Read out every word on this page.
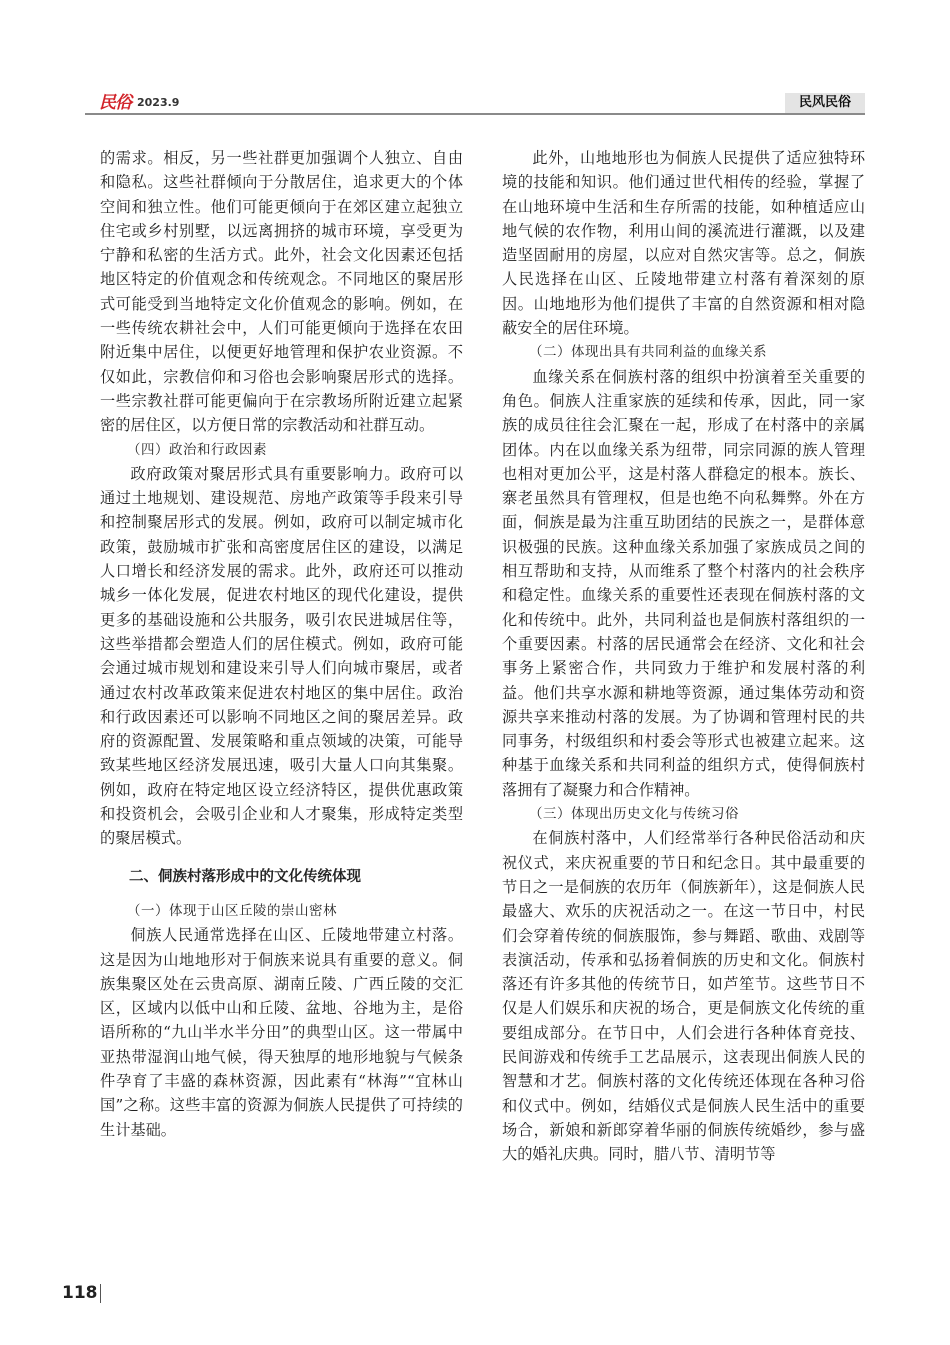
民俗 2023.9	民风民俗

的需求。相反，另一些社群更加强调个人独立、自由和隐私。这些社群倾向于分散居住，追求更大的个体空间和独立性。他们可能更倾向于在郊区建立起独立住宅或乡村别墅，以远离拥挤的城市环境，享受更为宁静和私密的生活方式。此外，社会文化因素还包括地区特定的价值观念和传统观念。不同地区的聚居形式可能受到当地特定文化价值观念的影响。例如，在一些传统农耕社会中，人们可能更倾向于选择在农田附近集中居住，以便更好地管理和保护农业资源。不仅如此，宗教信仰和习俗也会影响聚居形式的选择。一些宗教社群可能更偏向于在宗教场所附近建立起紧密的居住区，以方便日常的宗教活动和社群互动。

（四）政治和行政因素

政府政策对聚居形式具有重要影响力。政府可以通过土地规划、建设规范、房地产政策等手段来引导和控制聚居形式的发展。例如，政府可以制定城市化政策，鼓励城市扩张和高密度居住区的建设，以满足人口增长和经济发展的需求。此外，政府还可以推动城乡一体化发展，促进农村地区的现代化建设，提供更多的基础设施和公共服务，吸引农民进城居住等，这些举措都会塑造人们的居住模式。例如，政府可能会通过城市规划和建设来引导人们向城市聚居，或者通过农村改革政策来促进农村地区的集中居住。政治和行政因素还可以影响不同地区之间的聚居差异。政府的资源配置、发展策略和重点领域的决策，可能导致某些地区经济发展迅速，吸引大量人口向其集聚。例如，政府在特定地区设立经济特区，提供优惠政策和投资机会，会吸引企业和人才聚集，形成特定类型的聚居模式。

二、侗族村落形成中的文化传统体现

（一）体现于山区丘陵的崇山密林

侗族人民通常选择在山区、丘陵地带建立村落。这是因为山地地形对于侗族来说具有重要的意义。侗族集聚区处在云贵高原、湖南丘陵、广西丘陵的交汇区，区域内以低中山和丘陵、盆地、谷地为主，是俗语所称的“九山半水半分田”的典型山区。这一带属中亚热带湿润山地气候，得天独厚的地形地貌与气候条件孕育了丰盛的森林资源，因此素有“林海”“宜林山国”之称。这些丰富的资源为侗族人民提供了可持续的生计基础。

此外，山地地形也为侗族人民提供了适应独特环境的技能和知识。他们通过世代相传的经验，掌握了在山地环境中生活和生存所需的技能，如种植适应山地气候的农作物，利用山间的溪流进行灌溉，以及建造坚固耐用的房屋，以应对自然灾害等。总之，侗族人民选择在山区、丘陵地带建立村落有着深刻的原因。山地地形为他们提供了丰富的自然资源和相对隐蔽安全的居住环境。

（二）体现出具有共同利益的血缘关系

血缘关系在侗族村落的组织中扮演着至关重要的角色。侗族人注重家族的延续和传承，因此，同一家族的成员往往会汇聚在一起，形成了在村落中的亲属团体。内在以血缘关系为纽带，同宗同源的族人管理也相对更加公平，这是村落人群稳定的根本。族长、寨老虽然具有管理权，但是也绝不向私舞弊。外在方面，侗族是最为注重互助团结的民族之一，是群体意识极强的民族。这种血缘关系加强了家族成员之间的相互帮助和支持，从而维系了整个村落内的社会秩序和稳定性。血缘关系的重要性还表现在侗族村落的文化和传统中。此外，共同利益也是侗族村落组织的一个重要因素。村落的居民通常会在经济、文化和社会事务上紧密合作，共同致力于维护和发展村落的利益。他们共享水源和耕地等资源，通过集体劳动和资源共享来推动村落的发展。为了协调和管理村民的共同事务，村级组织和村委会等形式也被建立起来。这种基于血缘关系和共同利益的组织方式，使得侗族村落拥有了凝聚力和合作精神。

（三）体现出历史文化与传统习俗

在侗族村落中，人们经常举行各种民俗活动和庆祝仪式，来庆祝重要的节日和纪念日。其中最重要的节日之一是侗族的农历年（侗族新年），这是侗族人民最盛大、欢乐的庆祝活动之一。在这一节日中，村民们会穿着传统的侗族服饰，参与舞蹈、歌曲、戏剧等表演活动，传承和弘扬着侗族的历史和文化。侗族村落还有许多其他的传统节日，如芦笙节。这些节日不仅是人们娱乐和庆祝的场合，更是侗族文化传统的重要组成部分。在节日中，人们会进行各种体育竞技、民间游戏和传统手工艺品展示，这表现出侗族人民的智慧和才艺。侗族村落的文化传统还体现在各种习俗和仪式中。例如，结婚仪式是侗族人民生活中的重要场合，新娘和新郎穿着华丽的侗族传统婚纱，参与盛大的婚礼庆典。同时，腊八节、清明节等

118
